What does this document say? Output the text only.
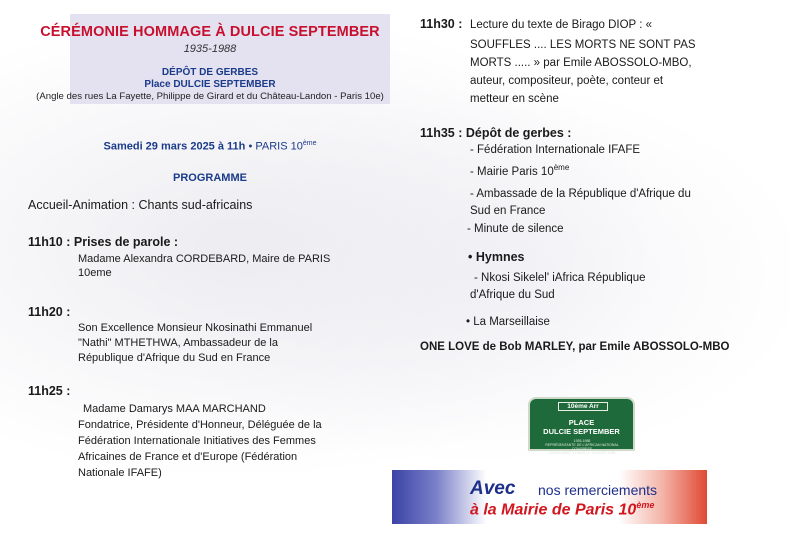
CÉRÉMONIE HOMMAGE À DULCIE SEPTEMBER
1935-1988
DÉPÔT DE GERBES
Place DULCIE SEPTEMBER
(Angle des rues La Fayette, Philippe de Girard et du Château-Landon - Paris 10e)
Samedi 29 mars 2025 à 11h • PARIS 10ème
PROGRAMME
Accueil-Animation : Chants sud-africains
11h10 : Prises de parole :
Madame Alexandra CORDEBARD, Maire de PARIS
10eme
11h20 :
Son Excellence Monsieur Nkosinathi Emmanuel
"Nathi" MTHETHWA, Ambassadeur de la
République d'Afrique du Sud en France
11h25 :
Madame Damarys MAA MARCHAND
Fondatrice, Présidente d'Honneur, Déléguée de la
Fédération Internationale Initiatives des Femmes
Africaines de France et d'Europe (Fédération
Nationale IFAFE)
11h30 : Lecture du texte de Birago DIOP : «
SOUFFLES .... LES MORTS NE SONT PAS
MORTS ..... » par Emile ABOSSOLO-MBO,
auteur, compositeur, poète, conteur et
metteur en scène
11h35 : Dépôt de gerbes :
- Fédération Internationale IFAFE
- Mairie Paris 10ème
- Ambassade de la République d'Afrique du
Sud en France
- Minute de silence
• Hymnes
- Nkosi Sikelel' iAfrica République
d'Afrique du Sud
• La Marseillaise
ONE LOVE de Bob MARLEY, par Emile ABOSSOLO-MBO
10ème Arr
PLACE
DULCIE SEPTEMBER
1935-1988
REPRÉSENTANTE DE L'AFRICAN NATIONAL CONGRESS
ASSASSINÉE À PARIS LE 29 MARS 1988
Avec nos remerciements
à la Mairie de Paris 10ème
